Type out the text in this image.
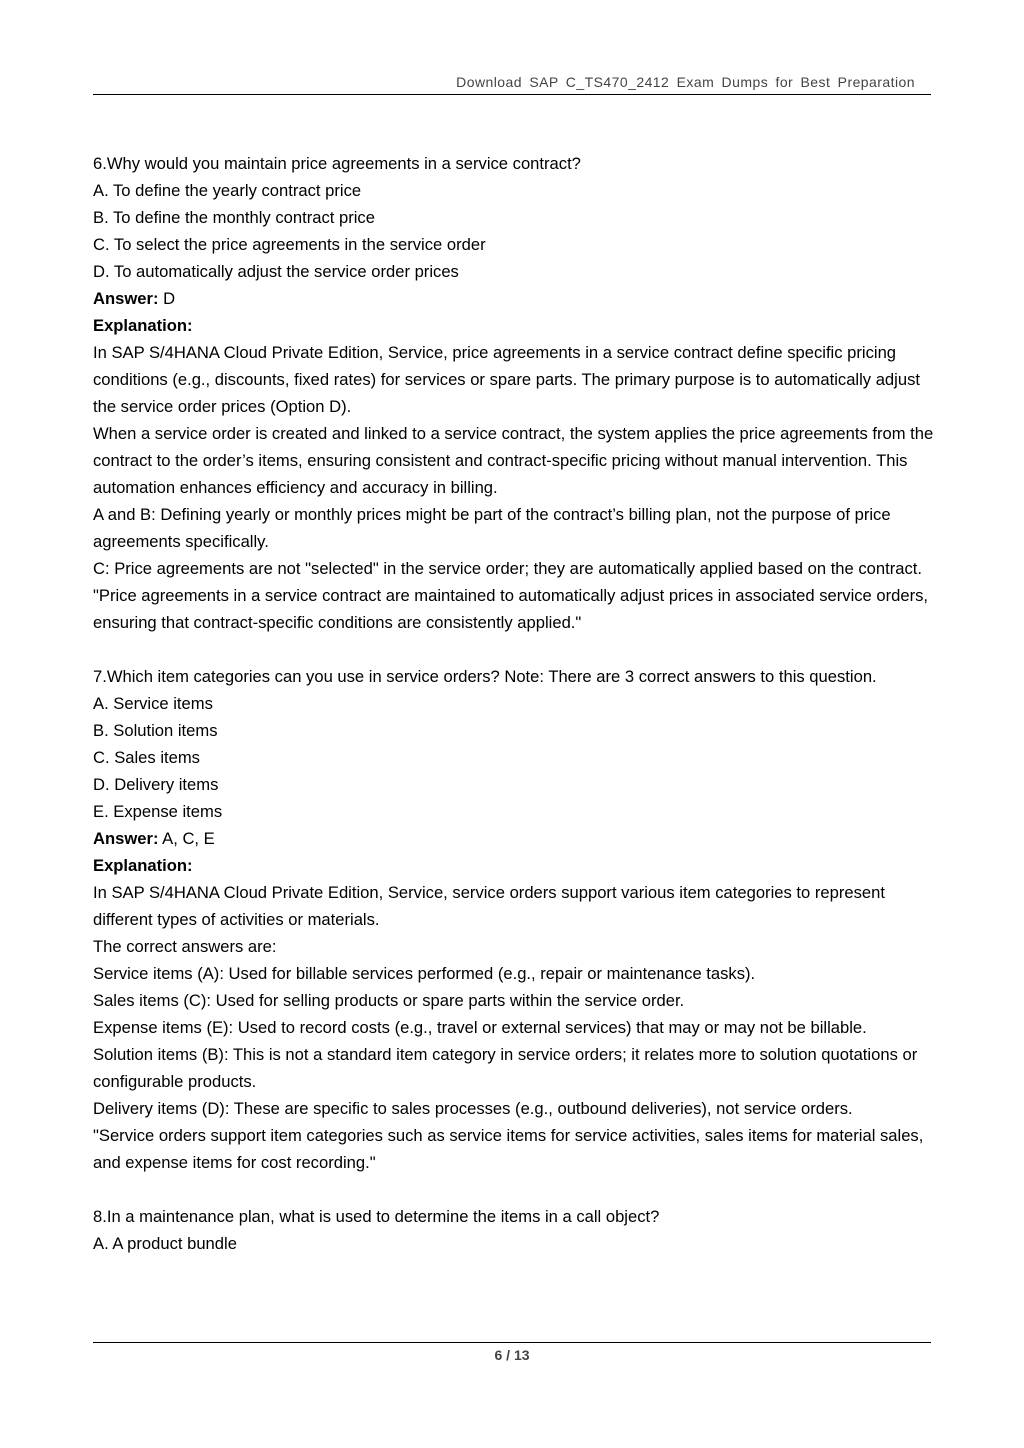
Download SAP C_TS470_2412 Exam Dumps for Best Preparation

6.Why would you maintain price agreements in a service contract?

A. To define the yearly contract price

B. To define the monthly contract price

C. To select the price agreements in the service order

D. To automatically adjust the service order prices

Answer: D

Explanation:

In SAP S/4HANA Cloud Private Edition, Service, price agreements in a service contract define specific pricing conditions (e.g., discounts, fixed rates) for services or spare parts. The primary purpose is to automatically adjust the service order prices (Option D).

When a service order is created and linked to a service contract, the system applies the price agreements from the contract to the order’s items, ensuring consistent and contract-specific pricing without manual intervention. This automation enhances efficiency and accuracy in billing.

A and B: Defining yearly or monthly prices might be part of the contract’s billing plan, not the purpose of price agreements specifically.

C: Price agreements are not "selected" in the service order; they are automatically applied based on the contract.

"Price agreements in a service contract are maintained to automatically adjust prices in associated service orders, ensuring that contract-specific conditions are consistently applied."

7.Which item categories can you use in service orders? Note: There are 3 correct answers to this question.

A. Service items

B. Solution items

C. Sales items

D. Delivery items

E. Expense items

Answer: A, C, E

Explanation:

In SAP S/4HANA Cloud Private Edition, Service, service orders support various item categories to represent different types of activities or materials.

The correct answers are:

Service items (A): Used for billable services performed (e.g., repair or maintenance tasks).

Sales items (C): Used for selling products or spare parts within the service order.

Expense items (E): Used to record costs (e.g., travel or external services) that may or may not be billable.

Solution items (B): This is not a standard item category in service orders; it relates more to solution quotations or configurable products.

Delivery items (D): These are specific to sales processes (e.g., outbound deliveries), not service orders.

"Service orders support item categories such as service items for service activities, sales items for material sales, and expense items for cost recording."

8.In a maintenance plan, what is used to determine the items in a call object?

A. A product bundle

6 / 13
